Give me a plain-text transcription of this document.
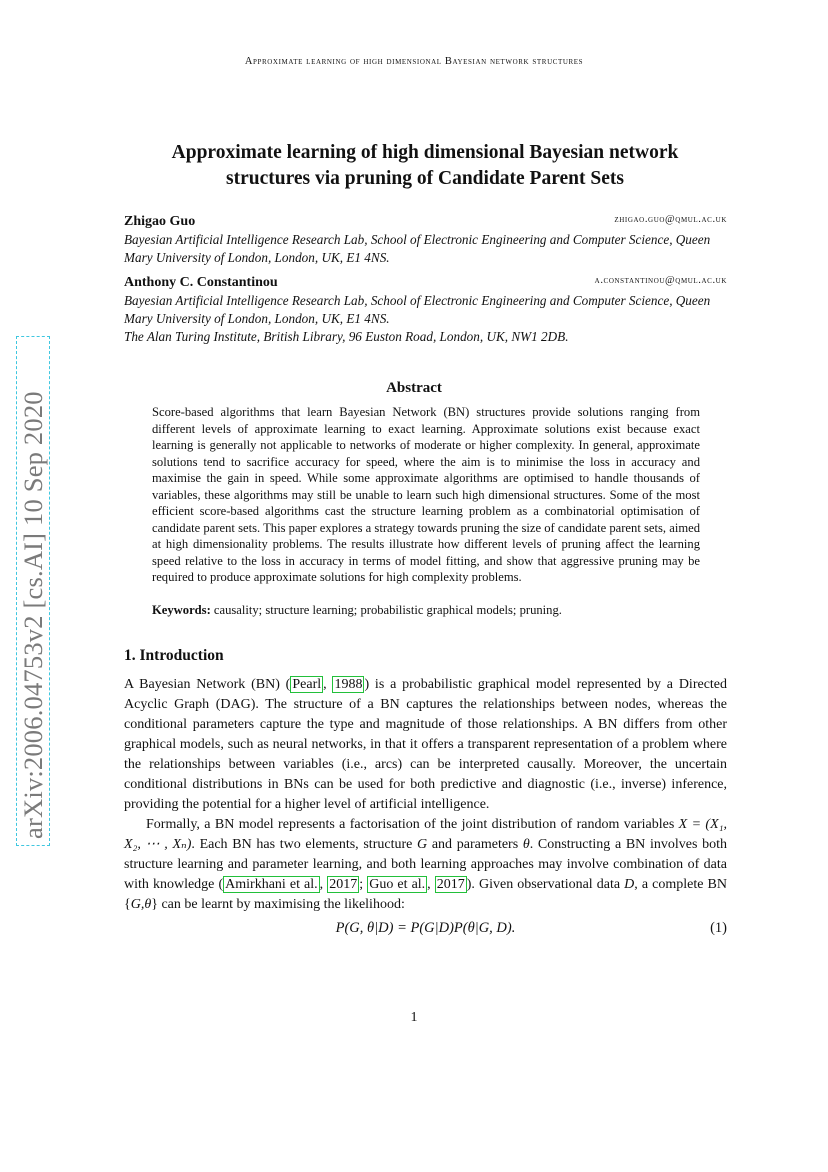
Approximate learning of high dimensional Bayesian network structures
Approximate learning of high dimensional Bayesian network
structures via pruning of Candidate Parent Sets
Zhigao Guo	zhigao.guo@qmul.ac.uk
Bayesian Artificial Intelligence Research Lab, School of Electronic Engineering and Computer Science, Queen Mary University of London, London, UK, E1 4NS.
Anthony C. Constantinou	a.constantinou@qmul.ac.uk
Bayesian Artificial Intelligence Research Lab, School of Electronic Engineering and Computer Science, Queen Mary University of London, London, UK, E1 4NS.
The Alan Turing Institute, British Library, 96 Euston Road, London, UK, NW1 2DB.
Abstract
Score-based algorithms that learn Bayesian Network (BN) structures provide solutions ranging from different levels of approximate learning to exact learning. Approximate solutions exist because exact learning is generally not applicable to networks of moderate or higher complexity. In general, approximate solutions tend to sacrifice accuracy for speed, where the aim is to minimise the loss in accuracy and maximise the gain in speed. While some approximate algorithms are optimised to handle thousands of variables, these algorithms may still be unable to learn such high dimensional structures. Some of the most efficient score-based algorithms cast the structure learning problem as a combinatorial optimisation of candidate parent sets. This paper explores a strategy towards pruning the size of candidate parent sets, aimed at high dimensionality problems. The results illustrate how different levels of pruning affect the learning speed relative to the loss in accuracy in terms of model fitting, and show that aggressive pruning may be required to produce approximate solutions for high complexity problems.
Keywords: causality; structure learning; probabilistic graphical models; pruning.
1. Introduction
A Bayesian Network (BN) ( Pearl , 1988 ) is a probabilistic graphical model represented by a Directed Acyclic Graph (DAG). The structure of a BN captures the relationships between nodes, whereas the conditional parameters capture the type and magnitude of those relationships. A BN differs from other graphical models, such as neural networks, in that it offers a transparent representation of a problem where the relationships between variables (i.e., arcs) can be interpreted causally. Moreover, the uncertain conditional distributions in BNs can be used for both predictive and diagnostic (i.e., inverse) inference, providing the potential for a higher level of artificial intelligence.
Formally, a BN model represents a factorisation of the joint distribution of random variables X = (X₁, X₂, ⋯ , Xₙ). Each BN has two elements, structure G and parameters θ. Constructing a BN involves both structure learning and parameter learning, and both learning approaches may involve combination of data with knowledge ( Amirkhani et al. , 2017 ; Guo et al. , 2017 ). Given observational data D, a complete BN {G,θ} can be learnt by maximising the likelihood:
P(G, θ|D) = P(G|D)P(θ|G, D).	(1)
1
arXiv:2006.04753v2 [cs.AI] 10 Sep 2020
